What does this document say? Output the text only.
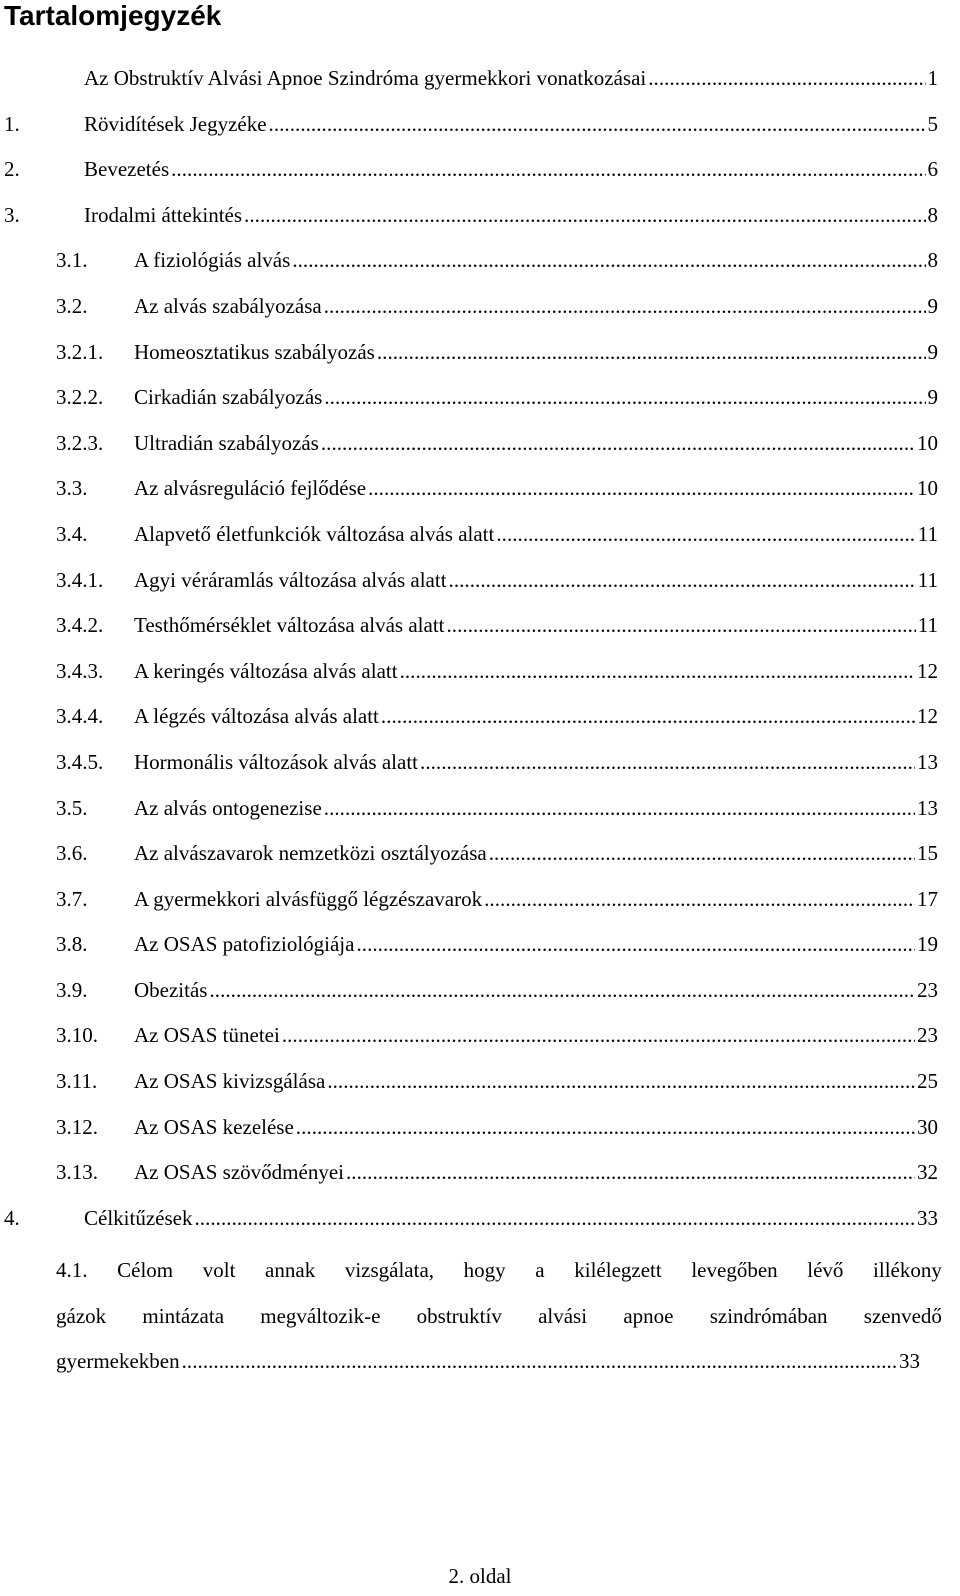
Tartalomjegyzék
Az Obstruktív Alvási Apnoe Szindróma gyermekkori vonatkozásai . . .	1
1.	Rövidítések Jegyzéke . . .	5
2.	Bevezetés . . .	6
3.	Irodalmi áttekintés . . .	8
3.1. A fiziológiás alvás . . .	8
3.2. Az alvás szabályozása . . .	9
3.2.1. Homeosztatikus szabályozás . . .	9
3.2.2. Cirkadián szabályozás . . .	9
3.2.3. Ultradián szabályozás . . .	10
3.3. Az alvásreguláció fejlődése . . .	10
3.4. Alapvető életfunkciók változása alvás alatt . . .	11
3.4.1. Agyi véráramlás változása alvás alatt . . .	11
3.4.2. Testhőmérséklet változása alvás alatt . . .	11
3.4.3. A keringés változása alvás alatt . . .	12
3.4.4. A légzés változása alvás alatt . . .	12
3.4.5. Hormonális változások alvás alatt . . .	13
3.5. Az alvás ontogenezise . . .	13
3.6. Az alvászavarok nemzetközi osztályozása . . .	15
3.7. A gyermekkori alvásfüggő légzészavarok . . .	17
3.8. Az OSAS patofiziológiája . . .	19
3.9. Obezitás . . .	23
3.10. Az OSAS tünetei . . .	23
3.11. Az OSAS kivizsgálása . . .	25
3.12. Az OSAS kezelése . . .	30
3.13. Az OSAS szövődményei . . .	32
4.	Célkitűzések . . .	33
4.1. Célom volt annak vizsgálata, hogy a kilélegzett levegőben lévő illékony
gázok mintázata megváltozik-e obstruktív alvási apnoe szindrómában szenvedő
gyermekekben . . .	33
2. oldal
